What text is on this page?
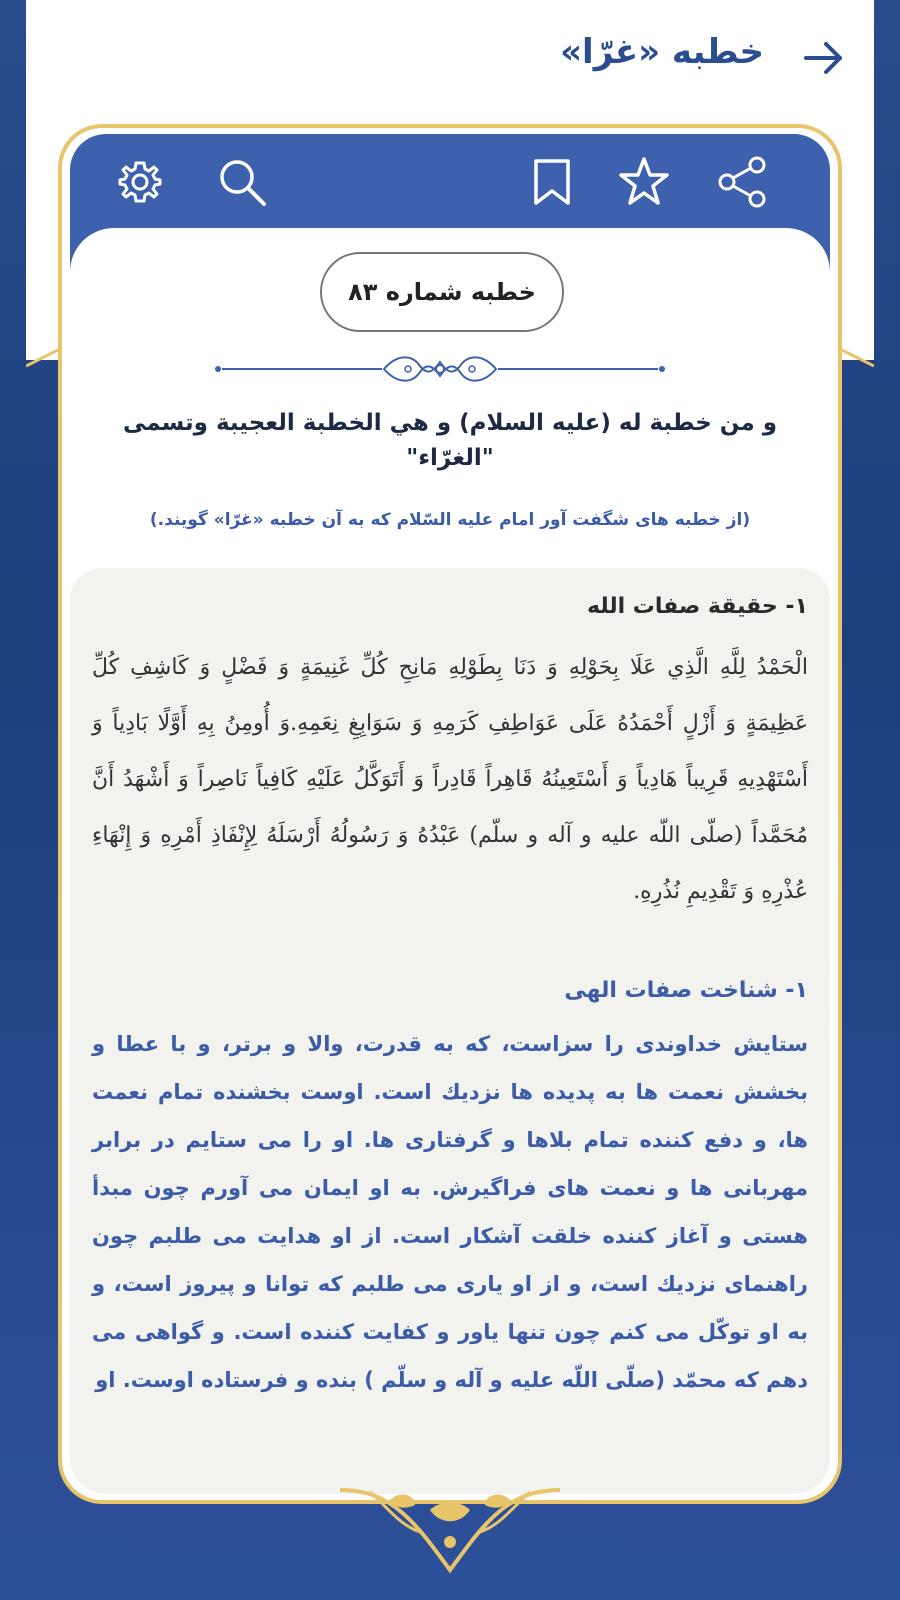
خطبه «غرّا»
خطبه شماره ۸۳
و من خطبة له (عليه السلام) و هي الخطبة العجيبة وتسمى "الغرّاء"
(از خطبه های شگفت آور امام عليه السّلام كه به آن خطبه «غرّا» گويند.)
۱- حقيقة صفات الله
الْحَمْدُ لِلَّهِ الَّذِي عَلَا بِحَوْلِهِ وَ دَنَا بِطَوْلِهِ مَانِحِ كُلِّ غَنِيمَةٍ وَ فَضْلٍ وَ كَاشِفِ كُلِّ عَظِيمَةٍ وَ أَزْلٍ أَحْمَدُهُ عَلَى عَوَاطِفِ كَرَمِهِ وَ سَوَابِغِ نِعَمِهِ.وَ أُومِنُ بِهِ أَوَّلًا بَادِياً وَ أَسْتَهْدِيهِ قَرِيباً هَادِياً وَ أَسْتَعِينُهُ قَاهِراً قَادِراً وَ أَتَوَكَّلُ عَلَيْهِ كَافِياً نَاصِراً وَ أَشْهَدُ أَنَّ مُحَمَّداً (صلّى اللّه عليه و آله و سلّم) عَبْدُهُ وَ رَسُولُهُ أَرْسَلَهُ لِإِنْفَاذِ أَمْرِهِ وَ إِنْهَاءِ عُذْرِهِ وَ تَقْدِيمِ نُذُرِهِ.
۱- شناخت صفات الهى
ستايش خداوندى را سزاست، كه به قدرت، والا و برتر، و با عطا و بخشش نعمت ها به پديده ها نزديك است. اوست بخشنده تمام نعمت ها، و دفع كننده تمام بلاها و گرفتارى ها. او را مى ستايم در برابر مهربانى ها و نعمت هاى فراگيرش. به او ايمان مى آورم چون مبدأ هستى و آغاز كننده خلقت آشكار است. از او هدايت مى طلبم چون راهنماى نزديك است، و از او يارى مى طلبم كه توانا و پيروز است، و به او توكّل مى كنم چون تنها ياور و كفايت كننده است. و گواهى مى دهم كه محمّد (صلّى اللّه عليه و آله و سلّم ) بنده و فرستاده اوست. او
